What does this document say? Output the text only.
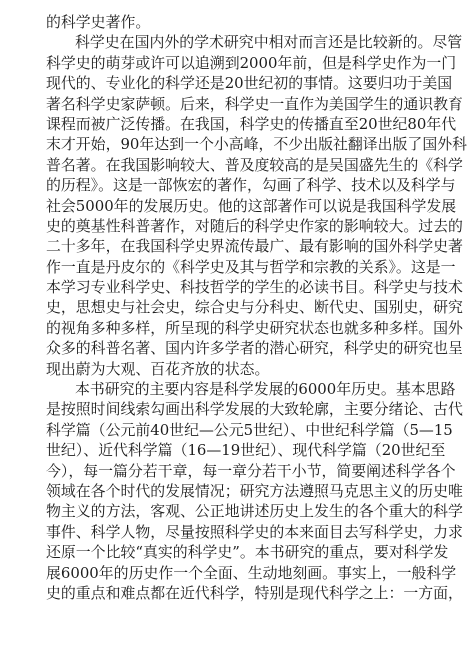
的科学史著作。
科学史在国内外的学术研究中相对而言还是比较新的。尽管
科学史的萌芽或许可以追溯到2000年前，但是科学史作为一门
现代的、专业化的科学还是20世纪初的事情。这要归功于美国
著名科学史家萨顿。后来，科学史一直作为美国学生的通识教育
课程而被广泛传播。在我国，科学史的传播直至20世纪80年代
末才开始，90年达到一个小高峰，不少出版社翻译出版了国外科
普名著。在我国影响较大、普及度较高的是吴国盛先生的《科学
的历程》。这是一部恢宏的著作，勾画了科学、技术以及科学与
社会5000年的发展历史。他的这部著作可以说是我国科学发展
史的奠基性科普著作，对随后的科学史作家的影响较大。过去的
二十多年，在我国科学史界流传最广、最有影响的国外科学史著
作一直是丹皮尔的《科学史及其与哲学和宗教的关系》。这是一
本学习专业科学史、科技哲学的学生的必读书目。科学史与技术
史，思想史与社会史，综合史与分科史、断代史、国别史，研究
的视角多种多样，所呈现的科学史研究状态也就多种多样。国外
众多的科普名著、国内许多学者的潜心研究，科学史的研究也呈
现出蔚为大观、百花齐放的状态。
本书研究的主要内容是科学发展的6000年历史。基本思路
是按照时间线索勾画出科学发展的大致轮廓，主要分绪论、古代
科学篇（公元前40世纪—公元5世纪）、中世纪科学篇（5—15
世纪）、近代科学篇（16—19世纪）、现代科学篇（20世纪至
今），每一篇分若干章，每一章分若干小节，简要阐述科学各个
领域在各个时代的发展情况；研究方法遵照马克思主义的历史唯
物主义的方法，客观、公正地讲述历史上发生的各个重大的科学
事件、科学人物，尽量按照科学史的本来面目去写科学史，力求
还原一个比较“真实的科学史”。本书研究的重点，要对科学发
展6000年的历史作一个全面、生动地刻画。事实上，一般科学
史的重点和难点都在近代科学，特别是现代科学之上：一方面，
